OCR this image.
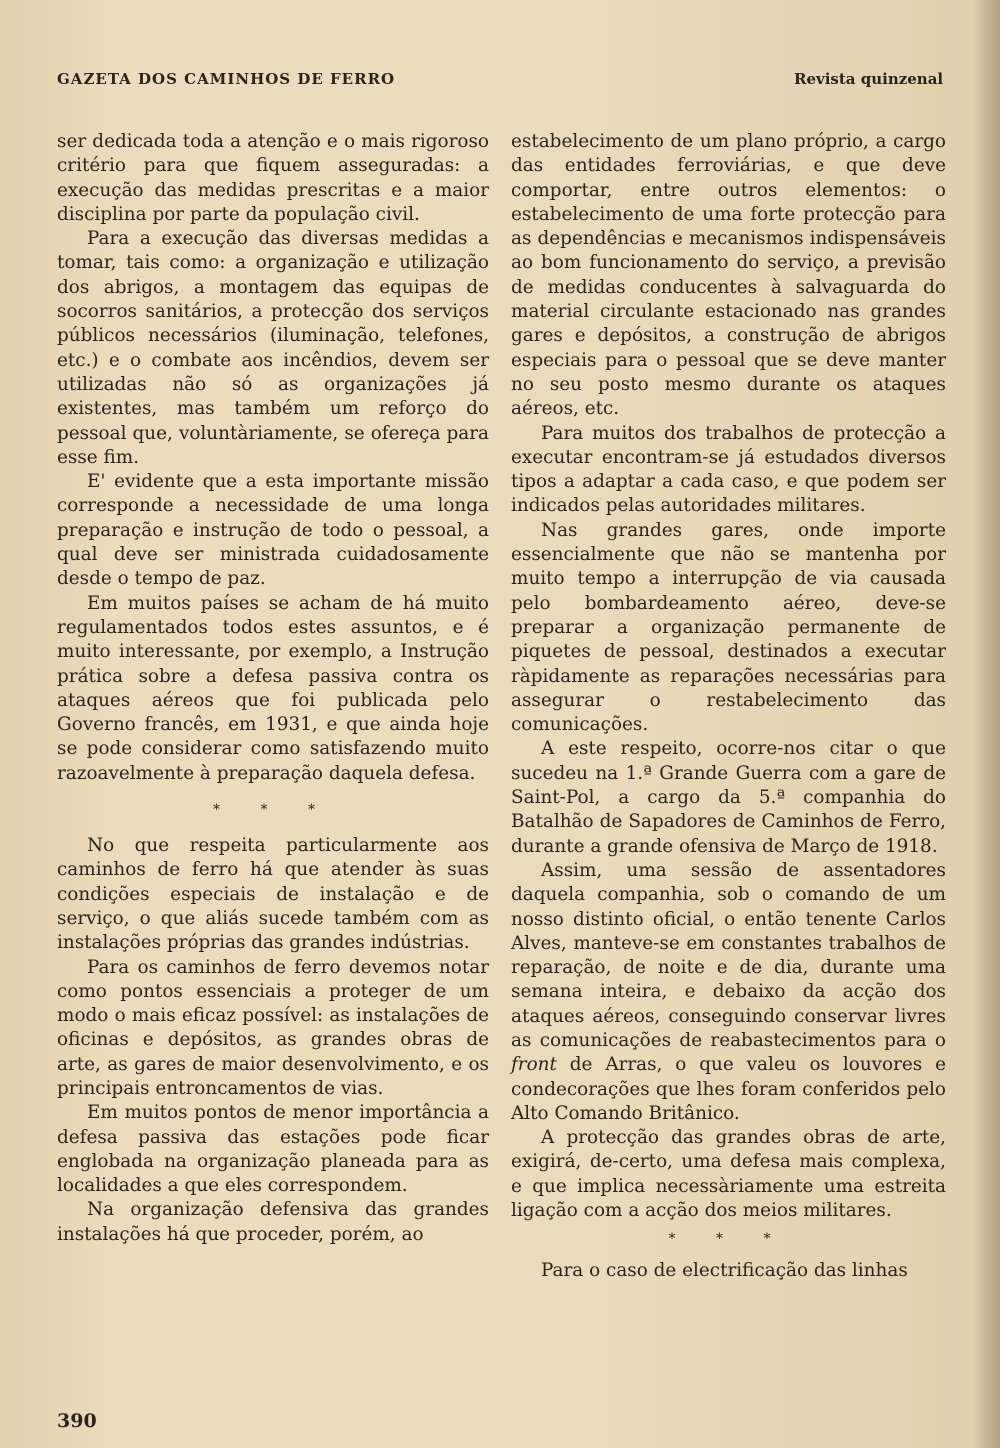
GAZETA DOS CAMINHOS DE FERRO	Revista quinzenal

ser dedicada toda a atenção e o mais rigoroso critério para que fiquem asseguradas: a execução das medidas prescritas e a maior disciplina por parte da população civil.

Para a execução das diversas medidas a tomar, tais como: a organização e utilização dos abrigos, a montagem das equipas de socorros sanitários, a protecção dos serviços públicos necessários (iluminação, telefones, etc.) e o combate aos incêndios, devem ser utilizadas não só as organizações já existentes, mas também um reforço do pessoal que, voluntàriamente, se ofereça para esse fim.

E' evidente que a esta importante missão corresponde a necessidade de uma longa preparação e instrução de todo o pessoal, a qual deve ser ministrada cuidadosamente desde o tempo de paz.

Em muitos países se acham de há muito regulamentados todos estes assuntos, e é muito interessante, por exemplo, a Instrução prática sobre a defesa passiva contra os ataques aéreos que foi publicada pelo Governo francês, em 1931, e que ainda hoje se pode considerar como satisfazendo muito razoavelmente à preparação daquela defesa.

* * *

No que respeita particularmente aos caminhos de ferro há que atender às suas condições especiais de instalação e de serviço, o que aliás sucede também com as instalações próprias das grandes indústrias.

Para os caminhos de ferro devemos notar como pontos essenciais a proteger de um modo o mais eficaz possível: as instalações de oficinas e depósitos, as grandes obras de arte, as gares de maior desenvolvimento, e os principais entroncamentos de vias.

Em muitos pontos de menor importância a defesa passiva das estações pode ficar englobada na organização planeada para as localidades a que eles correspondem.

Na organização defensiva das grandes instalações há que proceder, porém, ao

estabelecimento de um plano próprio, a cargo das entidades ferroviárias, e que deve comportar, entre outros elementos: o estabelecimento de uma forte protecção para as dependências e mecanismos indispensáveis ao bom funcionamento do serviço, a previsão de medidas conducentes à salvaguarda do material circulante estacionado nas grandes gares e depósitos, a construção de abrigos especiais para o pessoal que se deve manter no seu posto mesmo durante os ataques aéreos, etc.

Para muitos dos trabalhos de protecção a executar encontram-se já estudados diversos tipos a adaptar a cada caso, e que podem ser indicados pelas autoridades militares.

Nas grandes gares, onde importe essencialmente que não se mantenha por muito tempo a interrupção de via causada pelo bombardeamento aéreo, deve-se preparar a organização permanente de piquetes de pessoal, destinados a executar ràpidamente as reparações necessárias para assegurar o restabelecimento das comunicações.

A este respeito, ocorre-nos citar o que sucedeu na 1.ª Grande Guerra com a gare de Saint-Pol, a cargo da 5.ª companhia do Batalhão de Sapadores de Caminhos de Ferro, durante a grande ofensiva de Março de 1918.

Assim, uma sessão de assentadores daquela companhia, sob o comando de um nosso distinto oficial, o então tenente Carlos Alves, manteve-se em constantes trabalhos de reparação, de noite e de dia, durante uma semana inteira, e debaixo da acção dos ataques aéreos, conseguindo conservar livres as comunicações de reabastecimentos para o front de Arras, o que valeu os louvores e condecorações que lhes foram conferidos pelo Alto Comando Britânico.

A protecção das grandes obras de arte, exigirá, de-certo, uma defesa mais complexa, e que implica necessàriamente uma estreita ligação com a acção dos meios militares.

* * *

Para o caso de electrificação das linhas

390
